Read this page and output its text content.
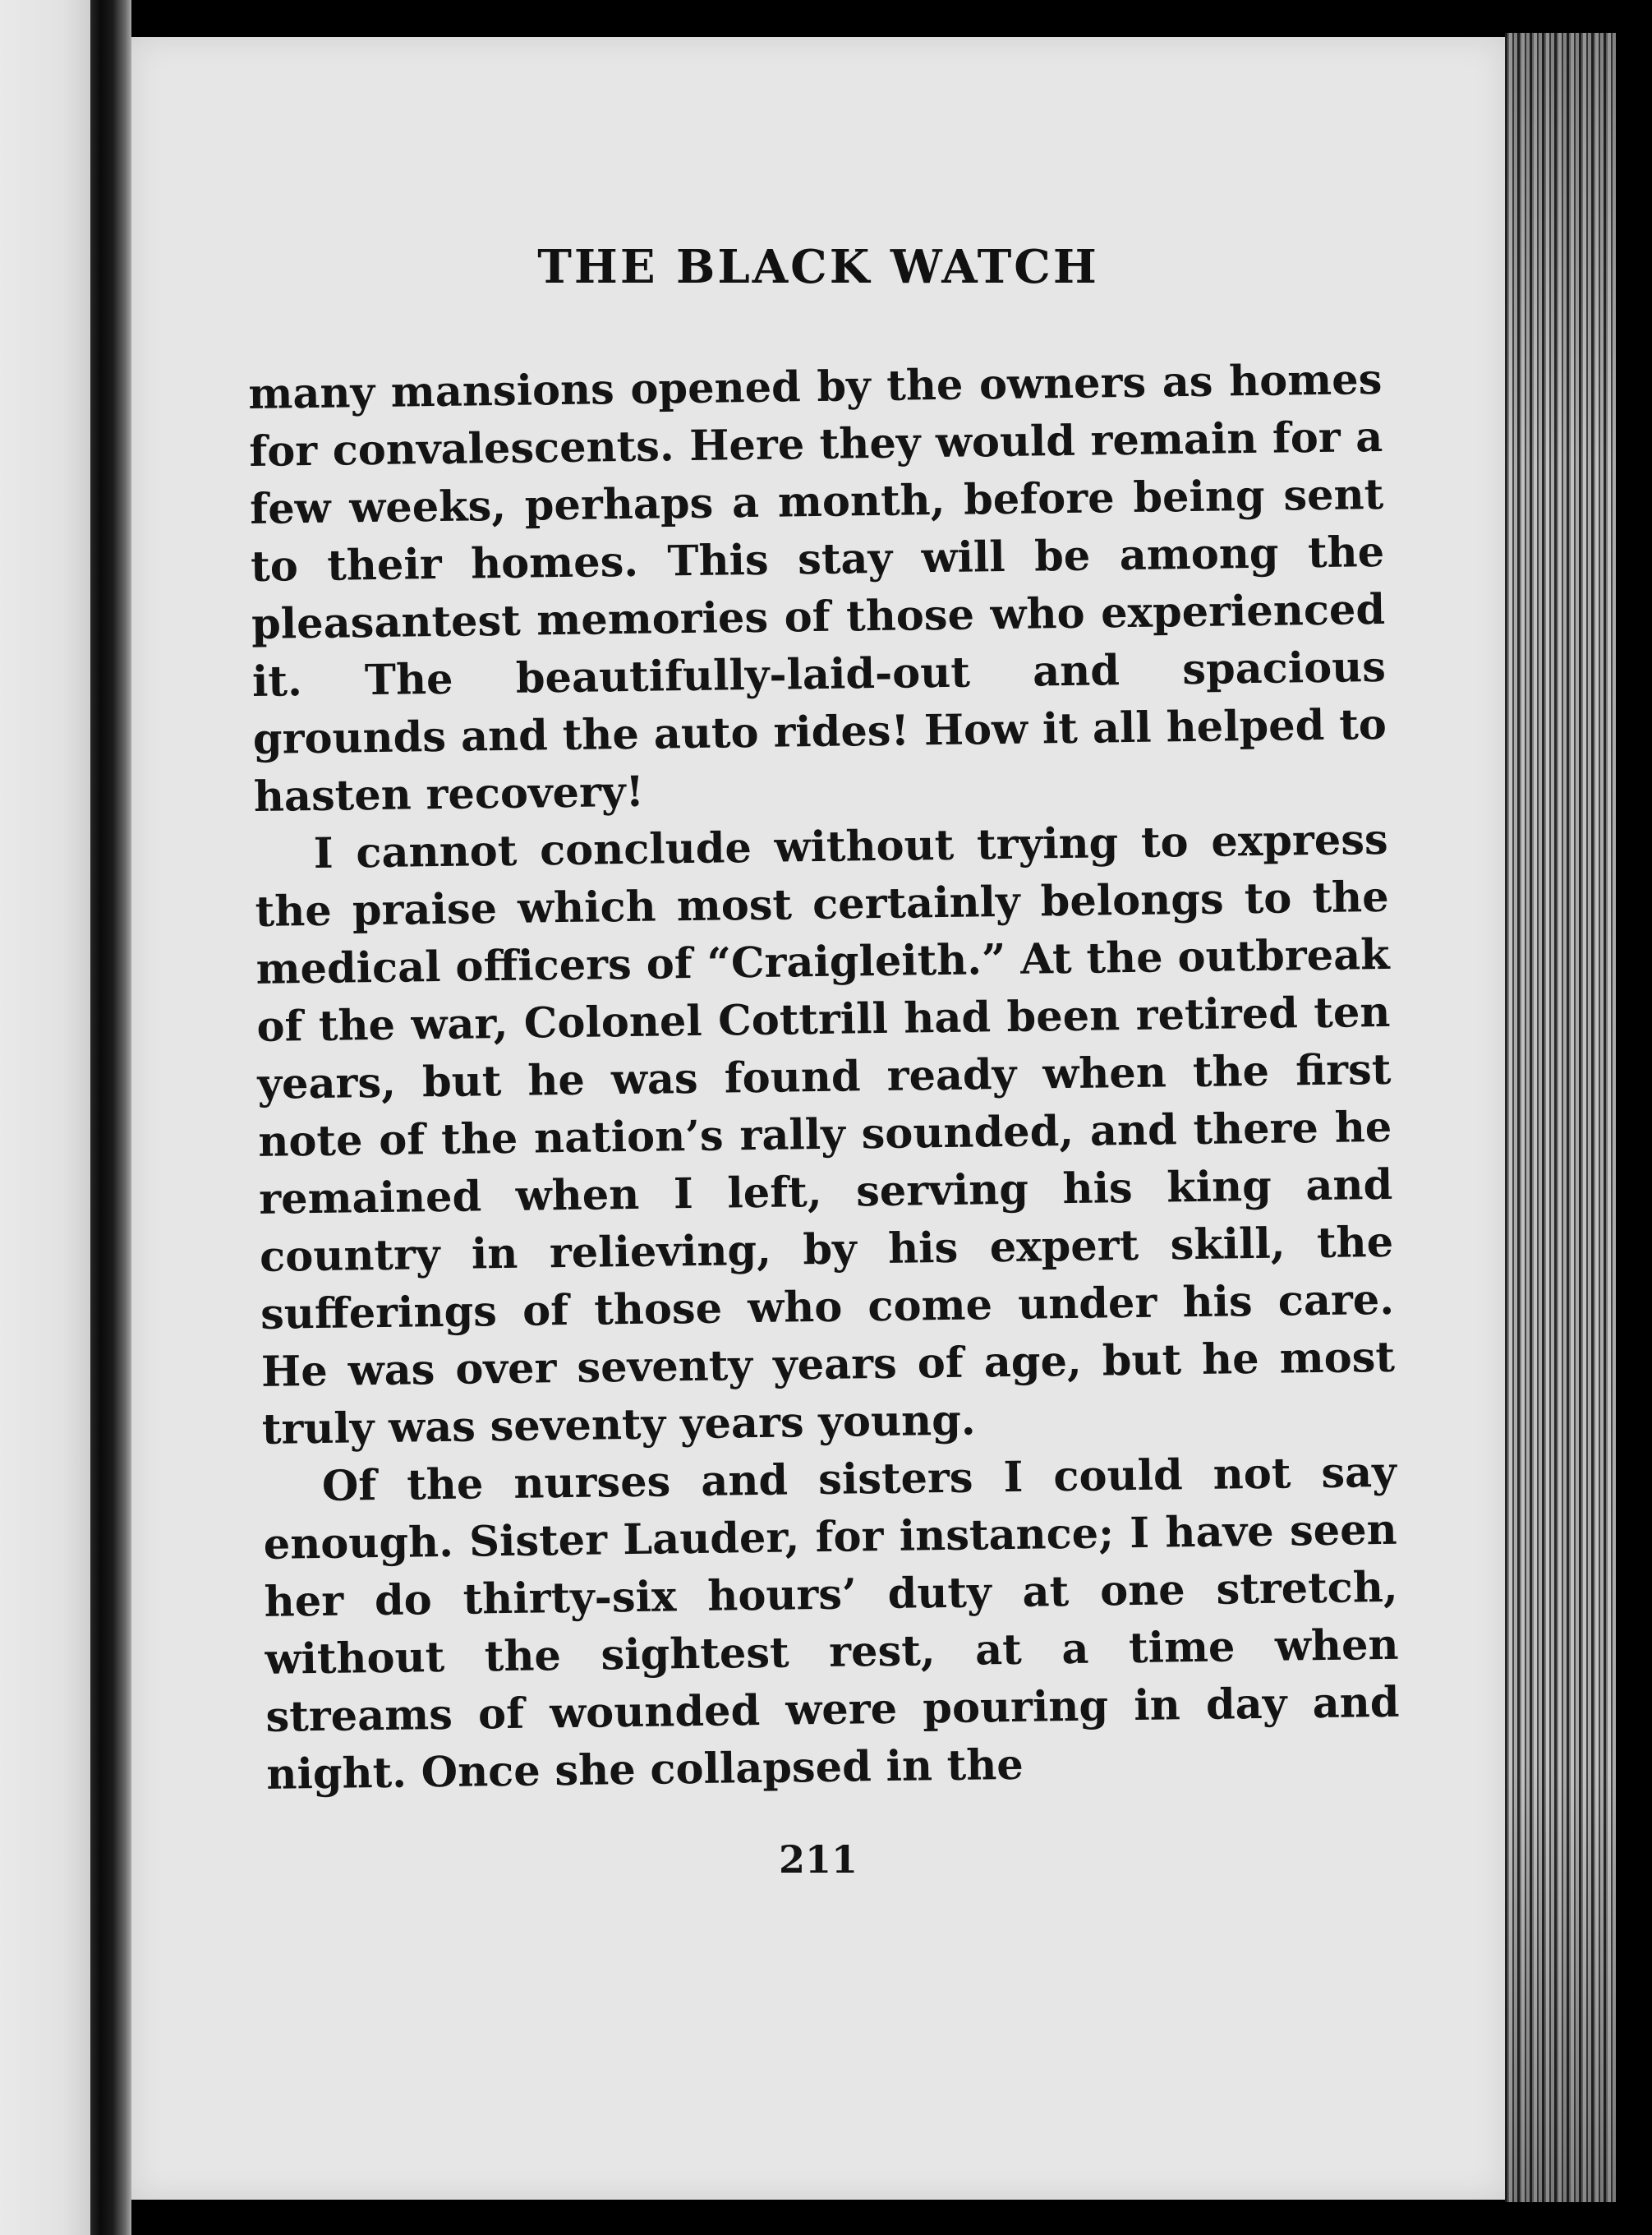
THE BLACK WATCH

many mansions opened by the owners as homes for convalescents. Here they would remain for a few weeks, perhaps a month, before being sent to their homes. This stay will be among the pleasantest memories of those who experienced it. The beautifully-laid-out and spacious grounds and the auto rides! How it all helped to hasten recovery!

I cannot conclude without trying to express the praise which most certainly belongs to the medical officers of “Craigleith.” At the outbreak of the war, Colonel Cottrill had been retired ten years, but he was found ready when the first note of the nation’s rally sounded, and there he remained when I left, serving his king and country in relieving, by his expert skill, the sufferings of those who come under his care. He was over seventy years of age, but he most truly was seventy years young.

Of the nurses and sisters I could not say enough. Sister Lauder, for instance; I have seen her do thirty-six hours’ duty at one stretch, without the sightest rest, at a time when streams of wounded were pouring in day and night. Once she collapsed in the

211
